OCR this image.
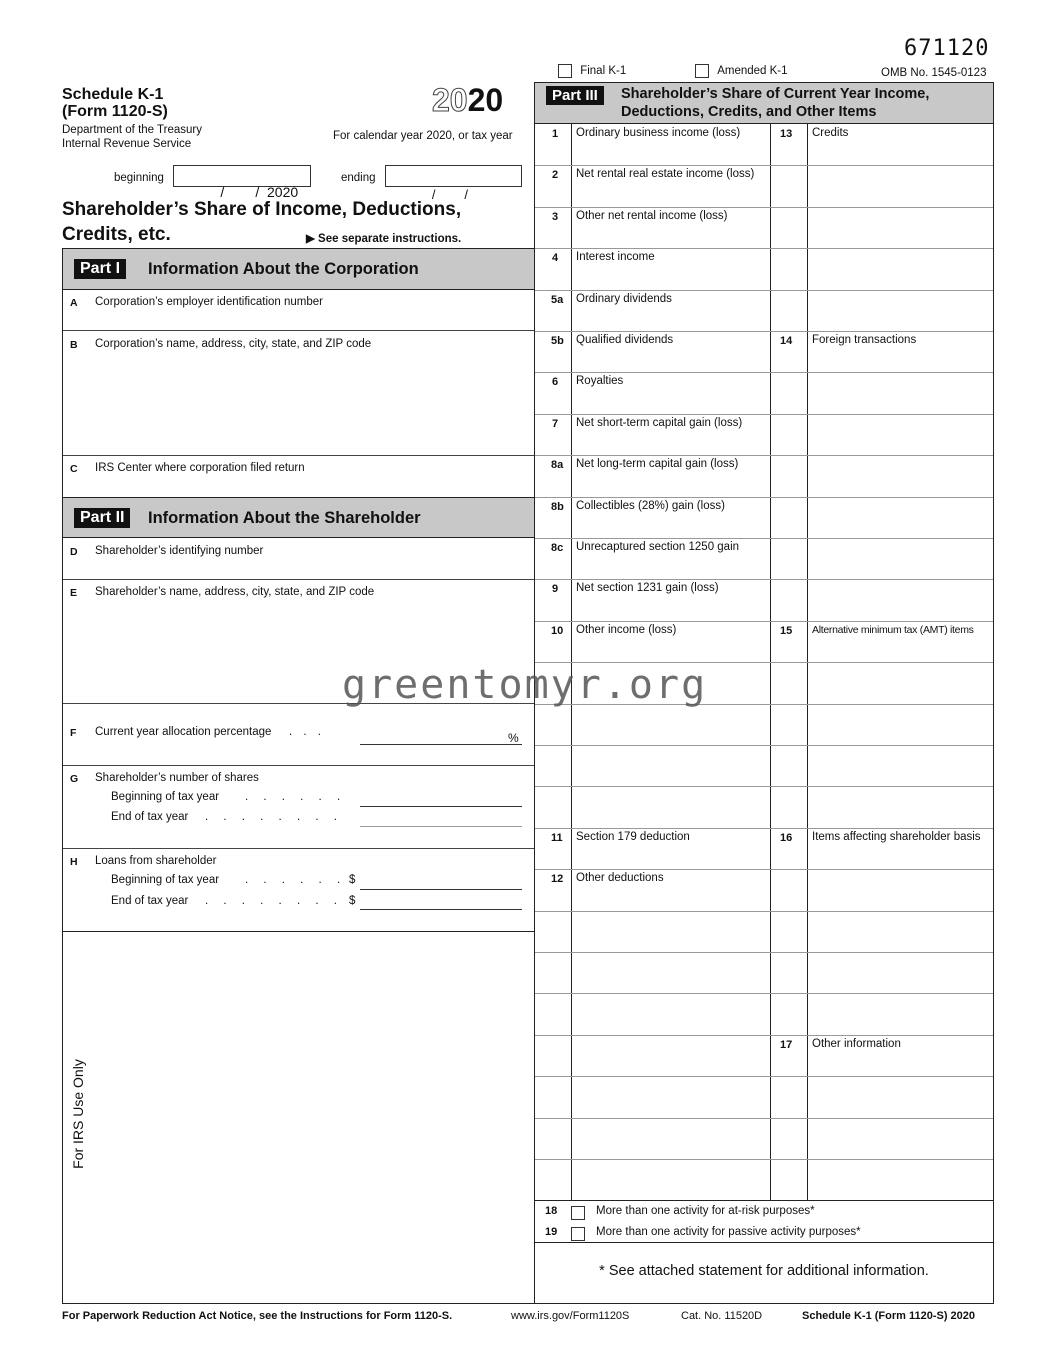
671120
Final K-1	Amended K-1	OMB No. 1545-0123
Schedule K-1
(Form 1120-S)
Department of the Treasury
Internal Revenue Service
2020
For calendar year 2020, or tax year
beginning

/        /  2020

ending

/        /

Shareholder’s Share of Income, Deductions,
Credits, etc.	▶ See separate instructions.
Part I	Information About the Corporation
A Corporation’s employer identification number
B Corporation’s name, address, city, state, and ZIP code
C IRS Center where corporation filed return
Part II	Information About the Shareholder
D Shareholder’s identifying number
E Shareholder’s name, address, city, state, and ZIP code
F Current year allocation percentage . . .	%
G Shareholder’s number of shares
Beginning of tax year . . . . . .
End of tax year . . . . . . . .
H Loans from shareholder
Beginning of tax year . . . . . . $
End of tax year . . . . . . . . $
For IRS Use Only
Part III	Shareholder’s Share of Current Year Income,
Deductions, Credits, and Other Items
1 Ordinary business income (loss)
2 Net rental real estate income (loss)
3 Other net rental income (loss)
4 Interest income
5a Ordinary dividends
5b Qualified dividends
6 Royalties
7 Net short-term capital gain (loss)
8a Net long-term capital gain (loss)
8b Collectibles (28%) gain (loss)
8c Unrecaptured section 1250 gain
9 Net section 1231 gain (loss)
10 Other income (loss)
11 Section 179 deduction
12 Other deductions
13 Credits
14 Foreign transactions
15 Alternative minimum tax (AMT) items
16 Items affecting shareholder basis
17 Other information
18	More than one activity for at-risk purposes*
19	More than one activity for passive activity purposes*
* See attached statement for additional information.
greentomyr.org
For Paperwork Reduction Act Notice, see the Instructions for Form 1120-S.	www.irs.gov/Form1120S	Cat. No. 11520D	Schedule K-1 (Form 1120-S) 2020
